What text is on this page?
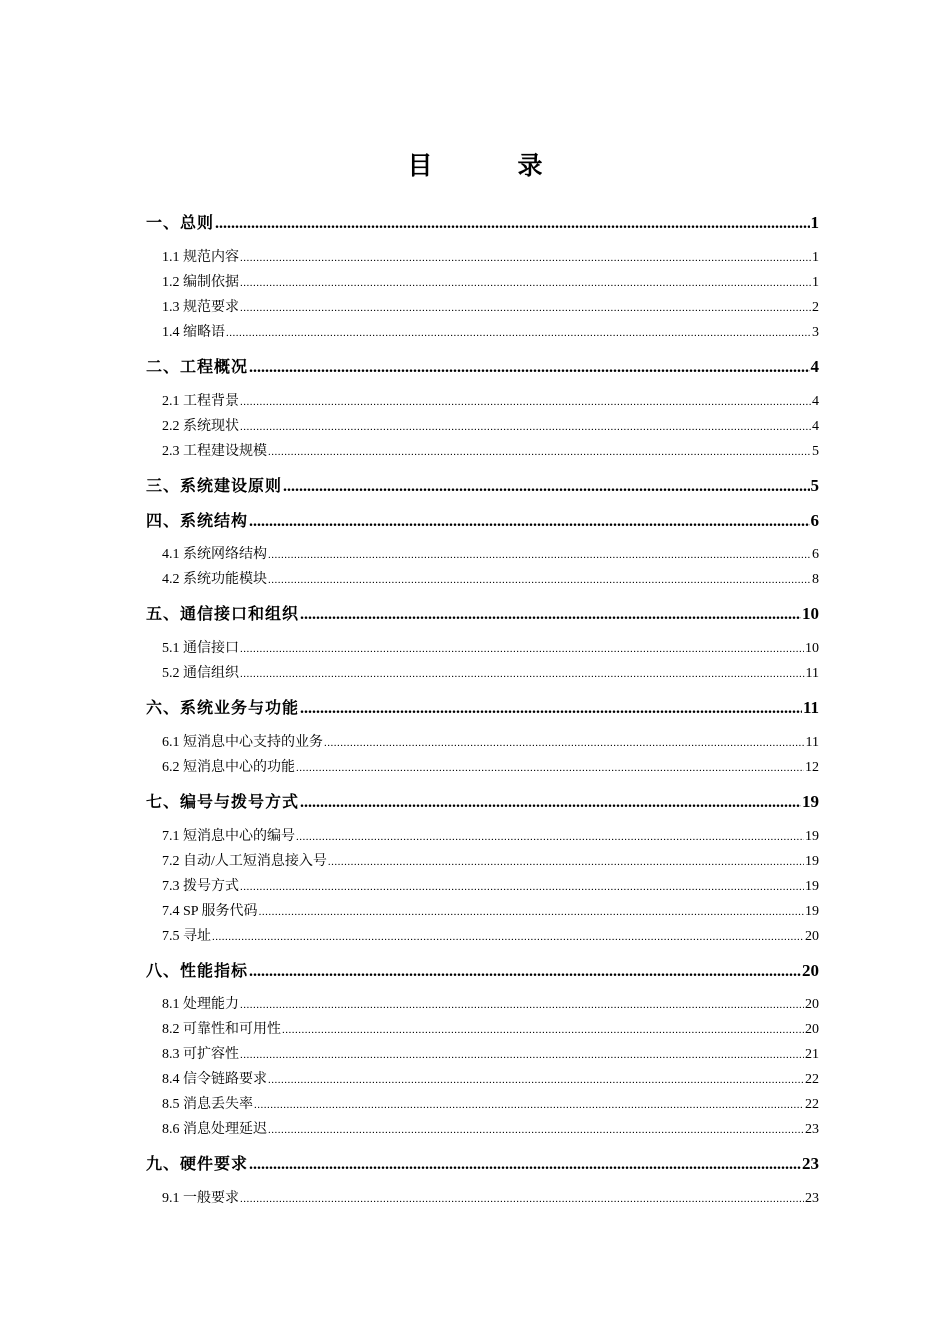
目　录
一、总则 .....	1
1.1 规范内容 .....	1
1.2 编制依据 .....	1
1.3 规范要求 .....	2
1.4 缩略语 .....	3
二、工程概况 .....	4
2.1 工程背景 .....	4
2.2 系统现状 .....	4
2.3 工程建设规模 .....	5
三、系统建设原则 .....	5
四、系统结构 .....	6
4.1 系统网络结构 .....	6
4.2 系统功能模块 .....	8
五、通信接口和组织 .....	10
5.1 通信接口 .....	10
5.2 通信组织 .....	11
六、系统业务与功能 .....	11
6.1 短消息中心支持的业务 .....	11
6.2 短消息中心的功能 .....	12
七、编号与拨号方式 .....	19
7.1 短消息中心的编号 .....	19
7.2 自动/人工短消息接入号 .....	19
7.3 拨号方式 .....	19
7.4 SP 服务代码 .....	19
7.5 寻址 .....	20
八、性能指标 .....	20
8.1 处理能力 .....	20
8.2 可靠性和可用性 .....	20
8.3 可扩容性 .....	21
8.4 信令链路要求 .....	22
8.5 消息丢失率 .....	22
8.6 消息处理延迟 .....	23
九、硬件要求 .....	23
9.1 一般要求 .....	23
